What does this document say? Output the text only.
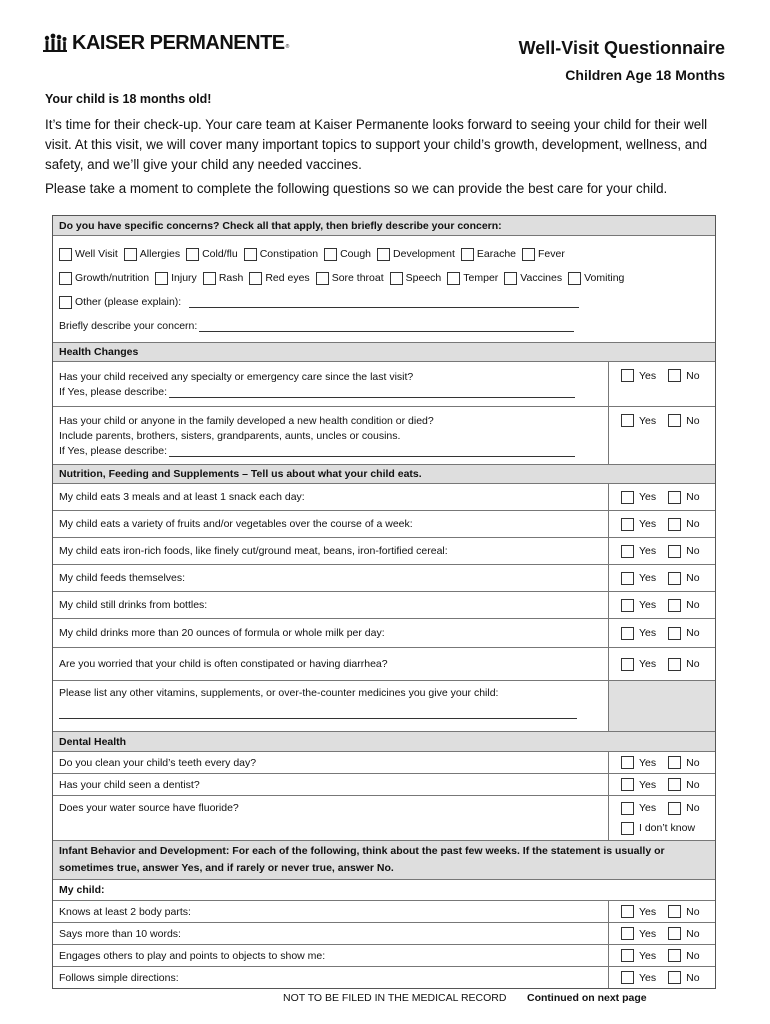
KAISER PERMANENTE ®	Well-Visit Questionnaire
Children Age 18 Months
Your child is 18 months old!

It’s time for their check-up. Your care team at Kaiser Permanente looks forward to seeing your child for their well visit. At this visit, we will cover many important topics to support your child’s growth, development, wellness, and safety, and we’ll give your child any needed vaccines.

Please take a moment to complete the following questions so we can provide the best care for your child.

Do you have specific concerns? Check all that apply, then briefly describe your concern:
Well Visit Allergies Cold/flu Constipation Cough Development Earache Fever
Growth/nutrition Injury Rash Red eyes Sore throat Speech Temper Vaccines Vomiting
Other (please explain):
Briefly describe your concern:
Health Changes
Has your child received any specialty or emergency care since the last visit?
If Yes, please describe:
Yes	No
Has your child or anyone in the family developed a new health condition or died?
Include parents, brothers, sisters, grandparents, aunts, uncles or cousins.
If Yes, please describe:
Yes	No
Nutrition, Feeding and Supplements – Tell us about what your child eats.
My child eats 3 meals and at least 1 snack each day:	Yes	No
My child eats a variety of fruits and/or vegetables over the course of a week:	Yes	No
My child eats iron-rich foods, like finely cut/ground meat, beans, iron-fortified cereal:	Yes	No
My child feeds themselves:	Yes	No
My child still drinks from bottles:	Yes	No
My child drinks more than 20 ounces of formula or whole milk per day:	Yes	No
Are you worried that your child is often constipated or having diarrhea?	Yes	No
Please list any other vitamins, supplements, or over-the-counter medicines you give your child:
Dental Health
Do you clean your child’s teeth every day?	Yes	No
Has your child seen a dentist?	Yes	No
Does your water source have fluoride?	Yes	No
I don’t know
Infant Behavior and Development: For each of the following, think about the past few weeks. If the statement is usually or sometimes true, answer Yes, and if rarely or never true, answer No.
My child:
Knows at least 2 body parts:	Yes	No
Says more than 10 words:	Yes	No
Engages others to play and points to objects to show me:	Yes	No
Follows simple directions:	Yes	No
NOT TO BE FILED IN THE MEDICAL RECORD Continued on next page
